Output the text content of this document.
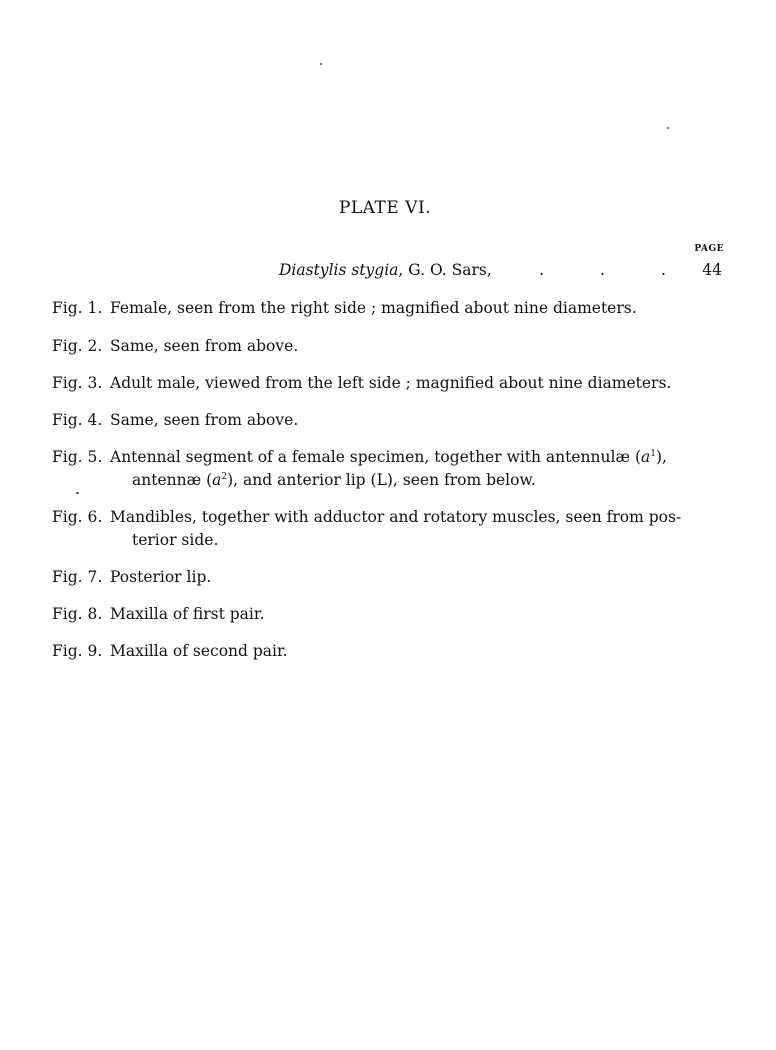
PLATE VI.
PAGE
Diastylis stygia, G. O. Sars,	.	.	.	44
Fig. 1. Female, seen from the right side ; magnified about nine diameters.
Fig. 2. Same, seen from above.
Fig. 3. Adult male, viewed from the left side ; magnified about nine diameters.
Fig. 4. Same, seen from above.
Fig. 5. Antennal segment of a female specimen, together with antennulæ $(a^1)$,
antennæ $(a^2)$, and anterior lip (L), seen from below.
Fig. 6. Mandibles, together with adductor and rotatory muscles, seen from pos-
terior side.
Fig. 7. Posterior lip.
Fig. 8. Maxilla of first pair.
Fig. 9. Maxilla of second pair.
